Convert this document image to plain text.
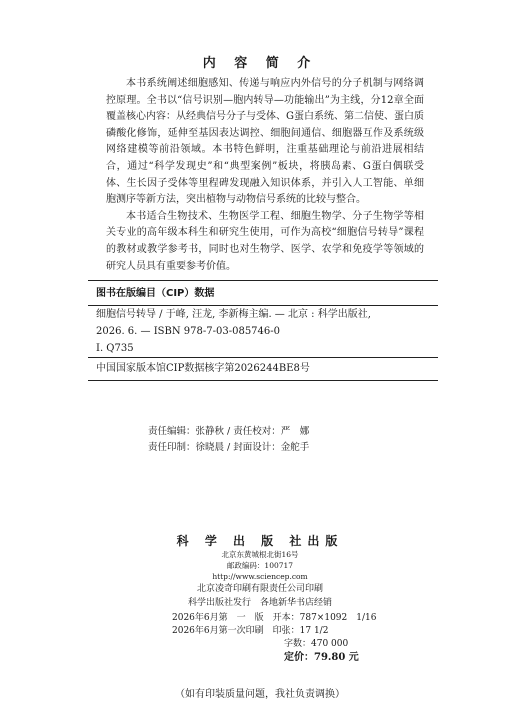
内 容 简 介

本书系统阐述细胞感知、传递与响应内外信号的分子机制与网络调控原理。全书以“信号识别—胞内转导—功能输出”为主线，分12章全面覆盖核心内容：从经典信号分子与受体、G蛋白系统、第二信使、蛋白质磷酸化修饰，延伸至基因表达调控、细胞间通信、细胞器互作及系统级网络建模等前沿领域。本书特色鲜明，注重基础理论与前沿进展相结合，通过“科学发现史”和“典型案例”板块，将胰岛素、G蛋白偶联受体、生长因子受体等里程碑发现融入知识体系，并引入人工智能、单细胞测序等新方法，突出植物与动物信号系统的比较与整合。

本书适合生物技术、生物医学工程、细胞生物学、分子生物学等相关专业的高年级本科生和研究生使用，可作为高校“细胞信号转导”课程的教材或教学参考书，同时也对生物学、医学、农学和免疫学等领域的研究人员具有重要参考价值。

图书在版编目（CIP）数据
细胞信号转导 / 于峰, 汪龙, 李新梅主编. — 北京 : 科学出版社,
2026. 6. — ISBN 978-7-03-085746-0
Ⅰ. Q735
中国国家版本馆CIP数据核字第2026244BE8号
责任编辑：张静秋 / 责任校对：严　娜
责任印制：徐晓晨 / 封面设计：金舵手
科 学 出 版 社出版
北京东黄城根北街16号
邮政编码：100717
http://www.sciencep.com
北京凌奇印刷有限责任公司印刷
科学出版社发行　各地新华书店经销
2026年6月第　一　版　开本：787×1092　1/16
2026年6月第一次印刷　印张：17 1/2
字数：470 000
定价：79.80 元
（如有印装质量问题，我社负责调换）
